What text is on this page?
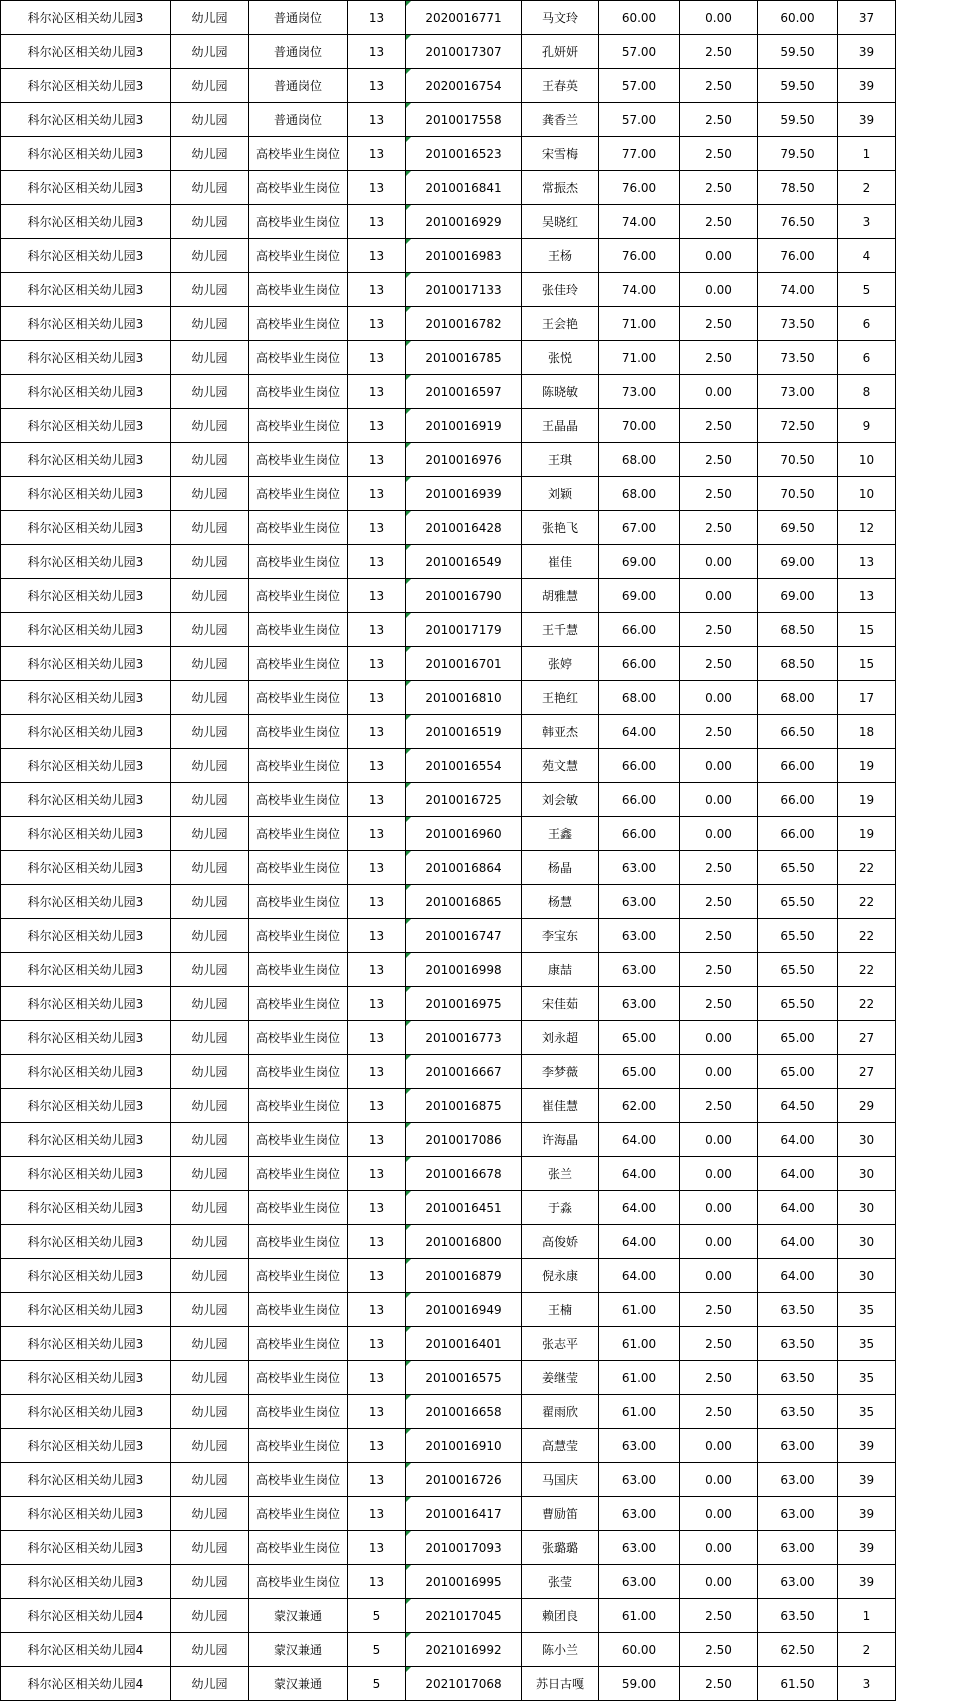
科尔沁区相关幼儿园3	幼儿园	普通岗位	13	2020016771	马文玲	60.00	0.00	60.00	37
科尔沁区相关幼儿园3	幼儿园	普通岗位	13	2010017307	孔妍妍	57.00	2.50	59.50	39
科尔沁区相关幼儿园3	幼儿园	普通岗位	13	2020016754	王春英	57.00	2.50	59.50	39
科尔沁区相关幼儿园3	幼儿园	普通岗位	13	2010017558	龚香兰	57.00	2.50	59.50	39
科尔沁区相关幼儿园3	幼儿园	高校毕业生岗位	13	2010016523	宋雪梅	77.00	2.50	79.50	1
科尔沁区相关幼儿园3	幼儿园	高校毕业生岗位	13	2010016841	常振杰	76.00	2.50	78.50	2
科尔沁区相关幼儿园3	幼儿园	高校毕业生岗位	13	2010016929	吴晓红	74.00	2.50	76.50	3
科尔沁区相关幼儿园3	幼儿园	高校毕业生岗位	13	2010016983	王杨	76.00	0.00	76.00	4
科尔沁区相关幼儿园3	幼儿园	高校毕业生岗位	13	2010017133	张佳玲	74.00	0.00	74.00	5
科尔沁区相关幼儿园3	幼儿园	高校毕业生岗位	13	2010016782	王会艳	71.00	2.50	73.50	6
科尔沁区相关幼儿园3	幼儿园	高校毕业生岗位	13	2010016785	张悦	71.00	2.50	73.50	6
科尔沁区相关幼儿园3	幼儿园	高校毕业生岗位	13	2010016597	陈晓敏	73.00	0.00	73.00	8
科尔沁区相关幼儿园3	幼儿园	高校毕业生岗位	13	2010016919	王晶晶	70.00	2.50	72.50	9
科尔沁区相关幼儿园3	幼儿园	高校毕业生岗位	13	2010016976	王琪	68.00	2.50	70.50	10
科尔沁区相关幼儿园3	幼儿园	高校毕业生岗位	13	2010016939	刘颖	68.00	2.50	70.50	10
科尔沁区相关幼儿园3	幼儿园	高校毕业生岗位	13	2010016428	张艳飞	67.00	2.50	69.50	12
科尔沁区相关幼儿园3	幼儿园	高校毕业生岗位	13	2010016549	崔佳	69.00	0.00	69.00	13
科尔沁区相关幼儿园3	幼儿园	高校毕业生岗位	13	2010016790	胡雅慧	69.00	0.00	69.00	13
科尔沁区相关幼儿园3	幼儿园	高校毕业生岗位	13	2010017179	王千慧	66.00	2.50	68.50	15
科尔沁区相关幼儿园3	幼儿园	高校毕业生岗位	13	2010016701	张婷	66.00	2.50	68.50	15
科尔沁区相关幼儿园3	幼儿园	高校毕业生岗位	13	2010016810	王艳红	68.00	0.00	68.00	17
科尔沁区相关幼儿园3	幼儿园	高校毕业生岗位	13	2010016519	韩亚杰	64.00	2.50	66.50	18
科尔沁区相关幼儿园3	幼儿园	高校毕业生岗位	13	2010016554	苑文慧	66.00	0.00	66.00	19
科尔沁区相关幼儿园3	幼儿园	高校毕业生岗位	13	2010016725	刘会敏	66.00	0.00	66.00	19
科尔沁区相关幼儿园3	幼儿园	高校毕业生岗位	13	2010016960	王鑫	66.00	0.00	66.00	19
科尔沁区相关幼儿园3	幼儿园	高校毕业生岗位	13	2010016864	杨晶	63.00	2.50	65.50	22
科尔沁区相关幼儿园3	幼儿园	高校毕业生岗位	13	2010016865	杨慧	63.00	2.50	65.50	22
科尔沁区相关幼儿园3	幼儿园	高校毕业生岗位	13	2010016747	李宝东	63.00	2.50	65.50	22
科尔沁区相关幼儿园3	幼儿园	高校毕业生岗位	13	2010016998	康喆	63.00	2.50	65.50	22
科尔沁区相关幼儿园3	幼儿园	高校毕业生岗位	13	2010016975	宋佳茹	63.00	2.50	65.50	22
科尔沁区相关幼儿园3	幼儿园	高校毕业生岗位	13	2010016773	刘永超	65.00	0.00	65.00	27
科尔沁区相关幼儿园3	幼儿园	高校毕业生岗位	13	2010016667	李梦薇	65.00	0.00	65.00	27
科尔沁区相关幼儿园3	幼儿园	高校毕业生岗位	13	2010016875	崔佳慧	62.00	2.50	64.50	29
科尔沁区相关幼儿园3	幼儿园	高校毕业生岗位	13	2010017086	许海晶	64.00	0.00	64.00	30
科尔沁区相关幼儿园3	幼儿园	高校毕业生岗位	13	2010016678	张兰	64.00	0.00	64.00	30
科尔沁区相关幼儿园3	幼儿园	高校毕业生岗位	13	2010016451	于淼	64.00	0.00	64.00	30
科尔沁区相关幼儿园3	幼儿园	高校毕业生岗位	13	2010016800	高俊娇	64.00	0.00	64.00	30
科尔沁区相关幼儿园3	幼儿园	高校毕业生岗位	13	2010016879	倪永康	64.00	0.00	64.00	30
科尔沁区相关幼儿园3	幼儿园	高校毕业生岗位	13	2010016949	王楠	61.00	2.50	63.50	35
科尔沁区相关幼儿园3	幼儿园	高校毕业生岗位	13	2010016401	张志平	61.00	2.50	63.50	35
科尔沁区相关幼儿园3	幼儿园	高校毕业生岗位	13	2010016575	姜继莹	61.00	2.50	63.50	35
科尔沁区相关幼儿园3	幼儿园	高校毕业生岗位	13	2010016658	翟雨欣	61.00	2.50	63.50	35
科尔沁区相关幼儿园3	幼儿园	高校毕业生岗位	13	2010016910	高慧莹	63.00	0.00	63.00	39
科尔沁区相关幼儿园3	幼儿园	高校毕业生岗位	13	2010016726	马国庆	63.00	0.00	63.00	39
科尔沁区相关幼儿园3	幼儿园	高校毕业生岗位	13	2010016417	曹励笛	63.00	0.00	63.00	39
科尔沁区相关幼儿园3	幼儿园	高校毕业生岗位	13	2010017093	张璐璐	63.00	0.00	63.00	39
科尔沁区相关幼儿园3	幼儿园	高校毕业生岗位	13	2010016995	张莹	63.00	0.00	63.00	39
科尔沁区相关幼儿园4	幼儿园	蒙汉兼通	5	2021017045	赖团良	61.00	2.50	63.50	1
科尔沁区相关幼儿园4	幼儿园	蒙汉兼通	5	2021016992	陈小兰	60.00	2.50	62.50	2
科尔沁区相关幼儿园4	幼儿园	蒙汉兼通	5	2021017068	苏日古嘎	59.00	2.50	61.50	3
